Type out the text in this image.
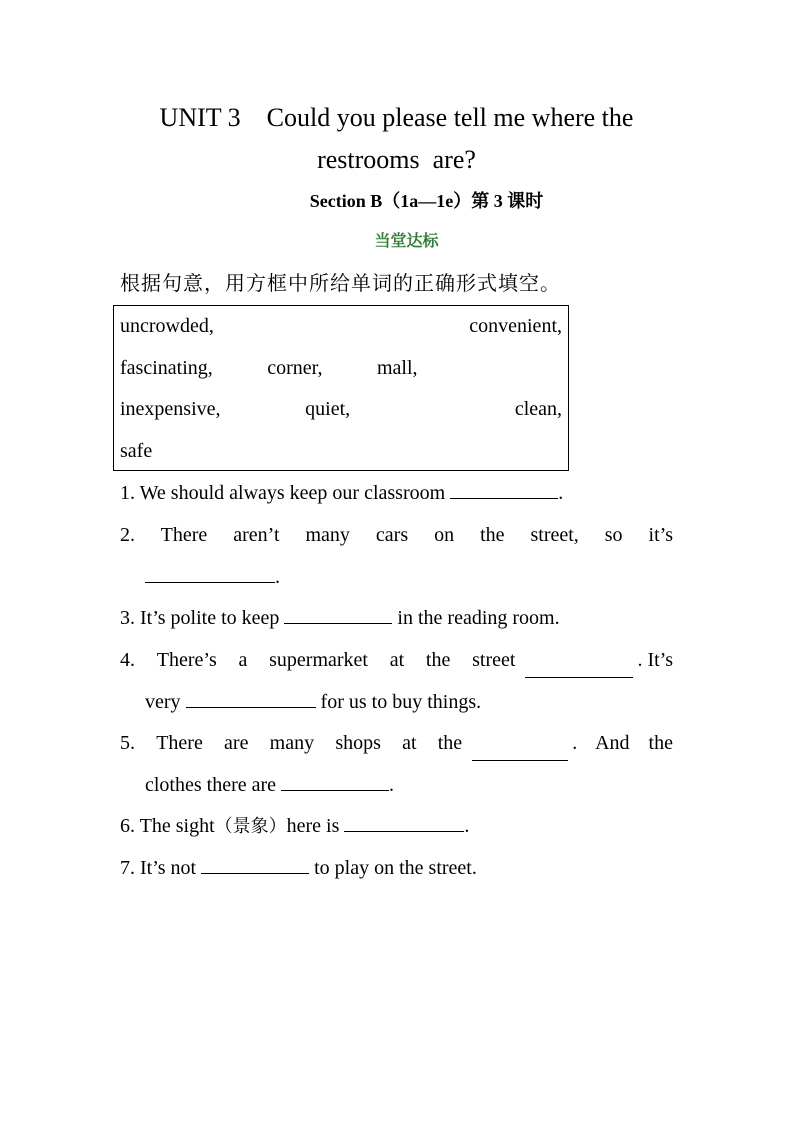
UNIT 3    Could you please tell me where the
restrooms  are?
Section B（1a—1e）第 3 课时
当堂达标
根据句意，用方框中所给单词的正确形式填空。
uncrowded,	convenient,
fascinating,	corner,	mall,
inexpensive,	quiet,	clean,
safe
1. We should always keep our classroom	.
2. There aren’t many cars on the street, so it’s
.
3. It’s polite to keep	in the reading room.
4. There’s a supermarket at the street	. It’s
very	for us to buy things.
5. There are many shops at the	. And the
clothes there are	.
6. The sight（景象）here is	.
7. It’s not	to play on the street.
